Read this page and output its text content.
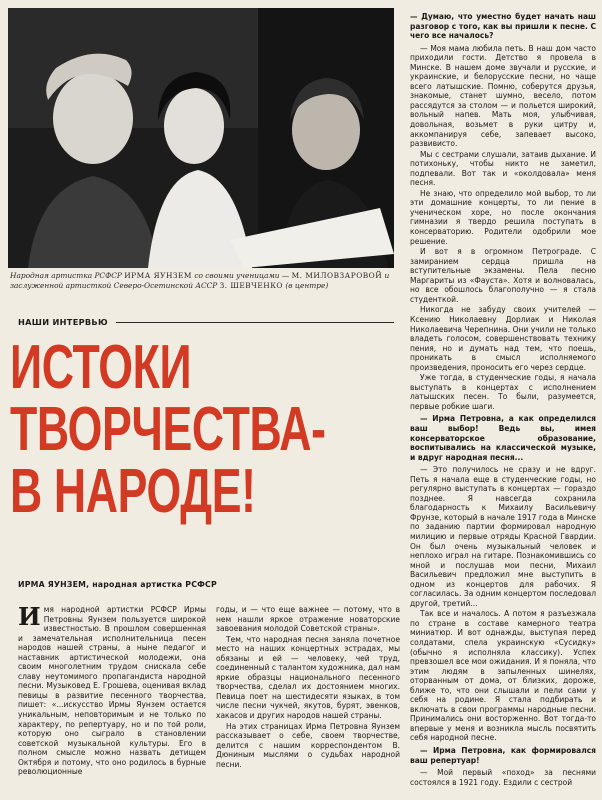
Народная артистка РСФСР ИРМА ЯУНЗЕМ со своими ученицами — М. МИЛОВЗАРОВОЙ и заслуженной артисткой Северо-Осетинской АССР З. ШЕВЧЕНКО (в центре)
НАШИ ИНТЕРВЬЮ
ИСТОКИ
ТВОРЧЕСТВА-
В НАРОДЕ!
ИРМА ЯУНЗЕМ, народная артистка РСФСР

Имя народной артистки РСФСР Ирмы Петровны Яунзем пользуется широкой известностью. В прошлом совершенная и замечательная исполнительница песен народов нашей страны, а ныне педагог и наставник артистической молодежи, она своим многолетним трудом снискала себе славу неутомимого пропагандиста народной песни. Музыковед Е. Грошева, оценивая вклад певицы в развитие песенного творчества, пишет: «...искусство Ирмы Яунзем остается уникальным, неповторимым и не только по характеру, по репертуару, но и по той роли, которую оно сыграло в становлении советской музыкальной культуры. Его в полном смысле можно назвать детищем Октября и потому, что оно родилось в бурные революционные

годы, и — что еще важнее — потому, что в нем нашли яркое отражение новаторские завоевания молодой Советской страны».

Тем, что народная песня заняла почетное место на наших концертных эстрадах, мы обязаны и ей — человеку, чей труд, соединенный с талантом художника, дал нам яркие образцы национального песенного творчества, сделал их достоянием многих. Певица поет на шестидесяти языках, в том числе песни чукчей, якутов, бурят, эвенков, хакасов и других народов нашей страны.

На этих страницах Ирма Петровна Яунзем рассказывает о себе, своем творчестве, делится с нашим корреспондентом В. Дюниным мыслями о судьбах народной песни.

— Думаю, что уместно будет начать наш разговор с того, как вы пришли к песне. С чего все началось?

— Моя мама любила петь. В наш дом часто приходили гости. Детство я провела в Минске. В нашем доме звучали и русские, и украинские, и белорусские песни, но чаще всего латышские. Помню, соберутся друзья, знакомые, станет шумно, весело, потом рассядутся за столом — и польется широкий, вольный напев. Мать моя, улыбчивая, довольная, возьмет в руки цитру и, аккомпанируя себе, запевает высоко, развивисто.

Мы с сестрами слушали, затаив дыхание. И потихоньку, чтобы никто не заметил, подпевали. Вот так и «околдовала» меня песня.

Не знаю, что определило мой выбор, то ли эти домашние концерты, то ли пение в ученическом хоре, но после окончания гимназии я твердо решила поступать в консерваторию. Родители одобрили мое решение.

И вот я в огромном Петрограде. С замиранием сердца пришла на вступительные экзамены. Пела песню Маргариты из «Фауста». Хотя и волновалась, но все обошлось благополучно — я стала студенткой.

Никогда не забуду своих учителей — Ксению Николаевну Дорлиак и Николая Николаевича Черепнина. Они учили не только владеть голосом, совершенствовать технику пения, но и думать над тем, что поешь, проникать в смысл исполняемого произведения, проносить его через сердце.

Уже тогда, в студенческие годы, я начала выступать в концертах с исполнением латышских песен. То были, разумеется, первые робкие шаги.

— Ирма Петровна, а как определился ваш выбор! Ведь вы, имея консерваторское образование, воспитывались на классической музыке, и вдруг народная песня...

— Это получилось не сразу и не вдруг. Петь я начала еще в студенческие годы, но регулярно выступать в концертах — гораздо позднее. Я навсегда сохранила благодарность к Михаилу Васильевичу Фрунзе, который в начале 1917 года в Минске по заданию партии формировал народную милицию и первые отряды Красной Гвардии. Он был очень музыкальный человек и неплохо играл на гитаре. Познакомившись со мной и послушав мои песни, Михаил Васильевич предложил мне выступить в одном из концертов для рабочих. Я согласилась. За одним концертом последовал другой, третий...

Так все и началось. А потом я разъезжала по стране в составе камерного театра миниатюр. И вот однажды, выступая перед солдатами, спела украинскую «Сусидку» (обычно я исполняла классику). Успех превзошел все мои ожидания. И я поняла, что этим людям в запыленных шинелях, оторванным от дома, от близких, дороже, ближе то, что они слышали и пели сами у себя на родине. Я стала подбирать и включать в свои программы народные песни. Принимались они восторженно. Вот тогда-то впервые у меня и возникла мысль посвятить себя народной песне.

— Ирма Петровна, как формировался ваш репертуар!

— Мой первый «поход» за песнями состоялся в 1921 году. Ездили с сестрой
